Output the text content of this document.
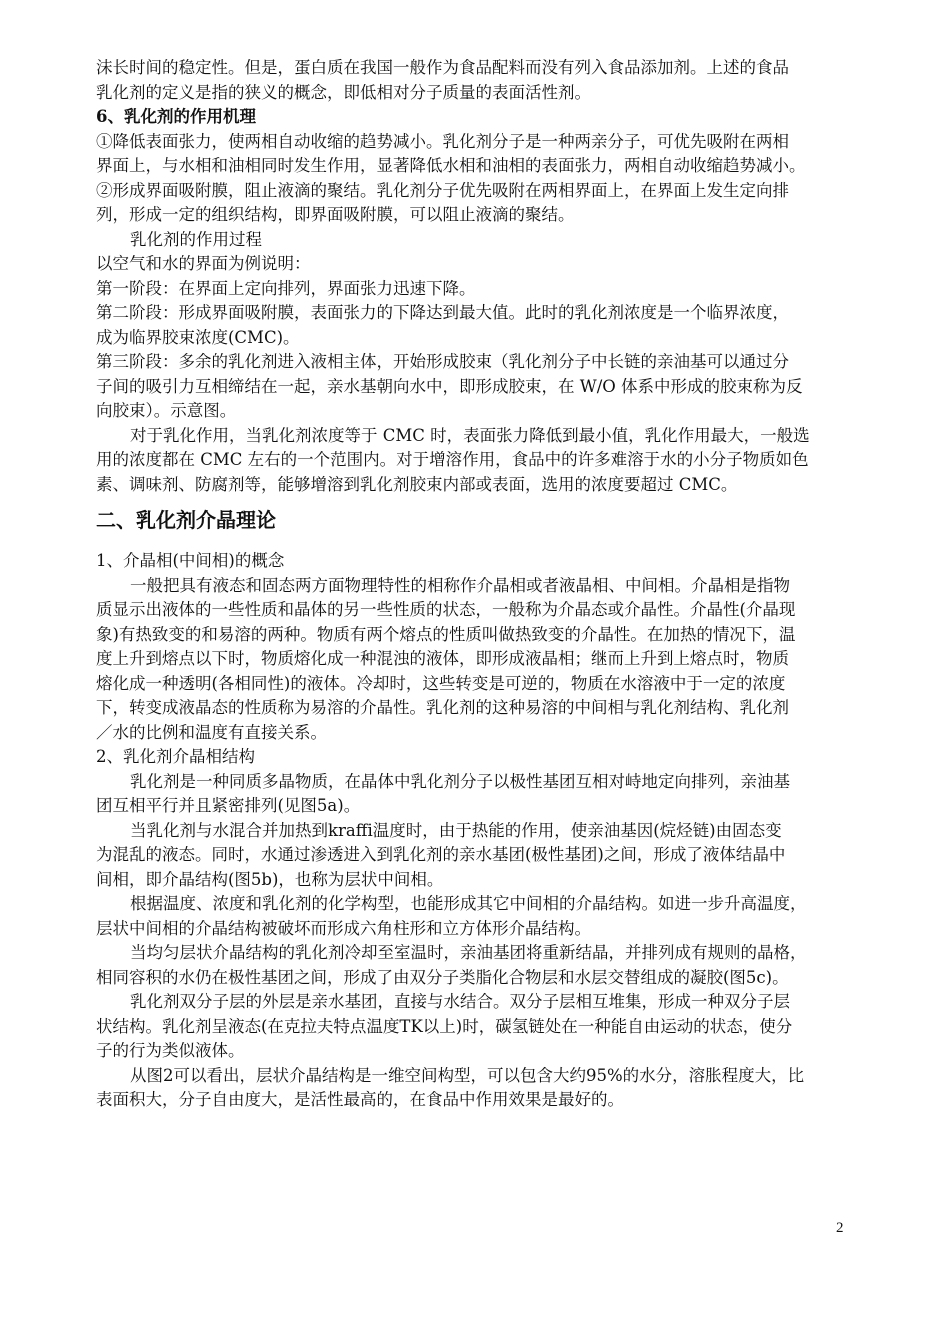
沫长时间的稳定性。但是，蛋白质在我国一般作为食品配料而没有列入食品添加剂。上述的食品
乳化剂的定义是指的狭义的概念，即低相对分子质量的表面活性剂。
6、乳化剂的作用机理
①降低表面张力，使两相自动收缩的趋势减小。乳化剂分子是一种两亲分子，可优先吸附在两相
界面上，与水相和油相同时发生作用，显著降低水相和油相的表面张力，两相自动收缩趋势减小。
②形成界面吸附膜，阻止液滴的聚结。乳化剂分子优先吸附在两相界面上，在界面上发生定向排
列，形成一定的组织结构，即界面吸附膜，可以阻止液滴的聚结。
乳化剂的作用过程
以空气和水的界面为例说明：
第一阶段：在界面上定向排列，界面张力迅速下降。
第二阶段：形成界面吸附膜，表面张力的下降达到最大值。此时的乳化剂浓度是一个临界浓度，
成为临界胶束浓度(CMC)。
第三阶段：多余的乳化剂进入液相主体，开始形成胶束（乳化剂分子中长链的亲油基可以通过分
子间的吸引力互相缔结在一起，亲水基朝向水中，即形成胶束，在 W/O 体系中形成的胶束称为反
向胶束）。示意图。
对于乳化作用，当乳化剂浓度等于 CMC 时，表面张力降低到最小值，乳化作用最大，一般选
用的浓度都在 CMC 左右的一个范围内。对于增溶作用，食品中的许多难溶于水的小分子物质如色
素、调味剂、防腐剂等，能够增溶到乳化剂胶束内部或表面，选用的浓度要超过 CMC。
二、乳化剂介晶理论
1、介晶相(中间相)的概念
一般把具有液态和固态两方面物理特性的相称作介晶相或者液晶相、中间相。介晶相是指物
质显示出液体的一些性质和晶体的另一些性质的状态，一般称为介晶态或介晶性。介晶性(介晶现
象)有热致变的和易溶的两种。物质有两个熔点的性质叫做热致变的介晶性。在加热的情况下，温
度上升到熔点以下时，物质熔化成一种混浊的液体，即形成液晶相；继而上升到上熔点时，物质
熔化成一种透明(各相同性)的液体。冷却时，这些转变是可逆的，物质在水溶液中于一定的浓度
下，转变成液晶态的性质称为易溶的介晶性。乳化剂的这种易溶的中间相与乳化剂结构、乳化剂
／水的比例和温度有直接关系。
2、乳化剂介晶相结构
乳化剂是一种同质多晶物质，在晶体中乳化剂分子以极性基团互相对峙地定向排列，亲油基
团互相平行并且紧密排列(见图5a)。
当乳化剂与水混合并加热到kraffi温度时，由于热能的作用，使亲油基因(烷烃链)由固态变
为混乱的液态。同时，水通过渗透进入到乳化剂的亲水基团(极性基团)之间，形成了液体结晶中
间相，即介晶结构(图5b)，也称为层状中间相。
根据温度、浓度和乳化剂的化学构型，也能形成其它中间相的介晶结构。如进一步升高温度，
层状中间相的介晶结构被破坏而形成六角柱形和立方体形介晶结构。
当均匀层状介晶结构的乳化剂冷却至室温时，亲油基团将重新结晶，并排列成有规则的晶格，
相同容积的水仍在极性基团之间，形成了由双分子类脂化合物层和水层交替组成的凝胶(图5c)。
乳化剂双分子层的外层是亲水基团，直接与水结合。双分子层相互堆集，形成一种双分子层
状结构。乳化剂呈液态(在克拉夫特点温度TK以上)时，碳氢链处在一种能自由运动的状态，使分
子的行为类似液体。
从图2可以看出，层状介晶结构是一维空间构型，可以包含大约95%的水分，溶胀程度大，比
表面积大，分子自由度大，是活性最高的，在食品中作用效果是最好的。
2
